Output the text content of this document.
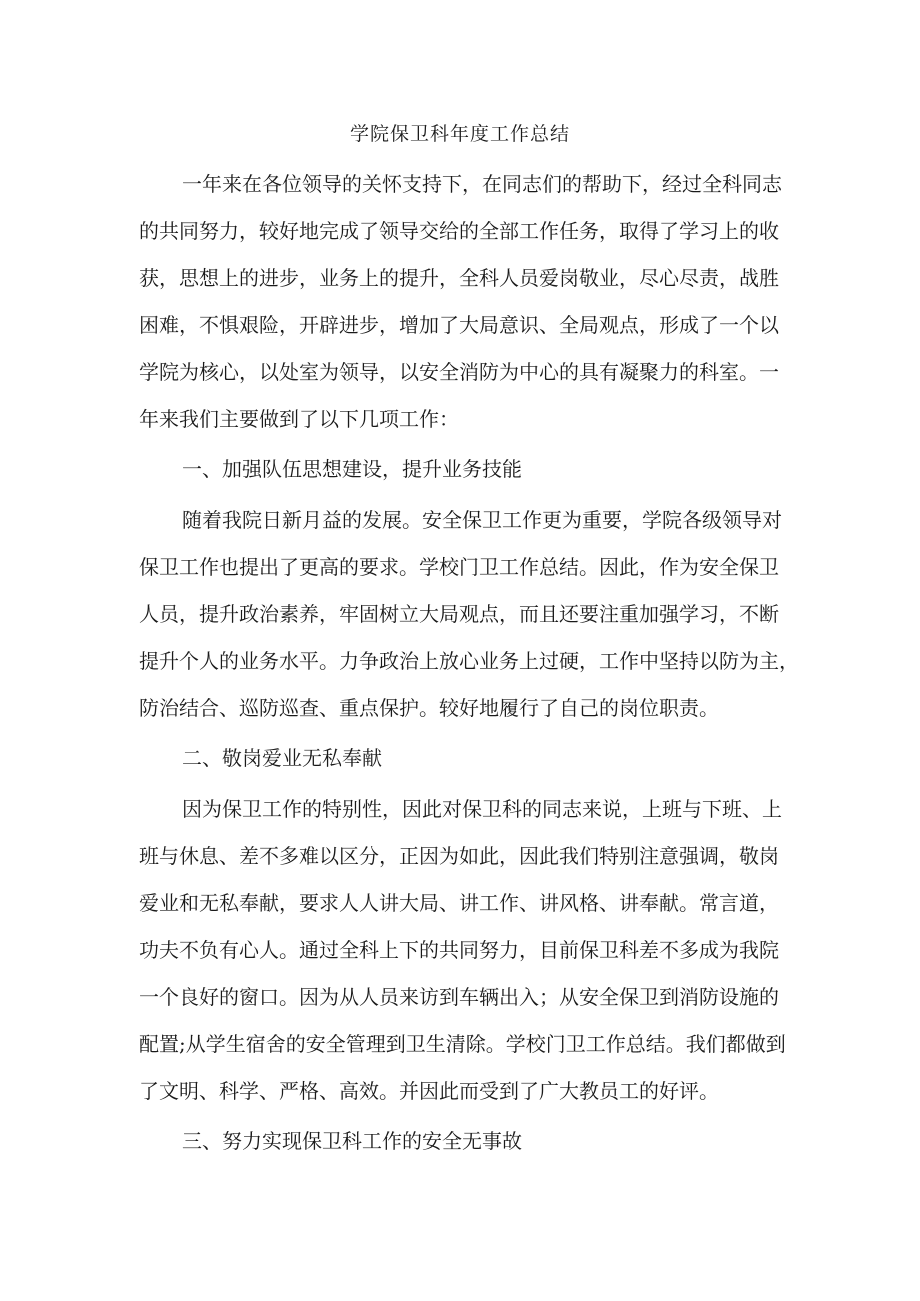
学院保卫科年度工作总结

一年来在各位领导的关怀支持下，在同志们的帮助下，经过全科同志

的共同努力，较好地完成了领导交给的全部工作任务，取得了学习上的收

获，思想上的进步，业务上的提升，全科人员爱岗敬业，尽心尽责，战胜

困难，不惧艰险，开辟进步，增加了大局意识、全局观点，形成了一个以

学院为核心，以处室为领导，以安全消防为中心的具有凝聚力的科室。一

年来我们主要做到了以下几项工作：

一、加强队伍思想建设，提升业务技能

随着我院日新月益的发展。安全保卫工作更为重要，学院各级领导对

保卫工作也提出了更高的要求。学校门卫工作总结。因此，作为安全保卫

人员，提升政治素养，牢固树立大局观点，而且还要注重加强学习，不断

提升个人的业务水平。力争政治上放心业务上过硬，工作中坚持以防为主，

防治结合、巡防巡查、重点保护。较好地履行了自己的岗位职责。

二、敬岗爱业无私奉献

因为保卫工作的特别性，因此对保卫科的同志来说，上班与下班、上

班与休息、差不多难以区分，正因为如此，因此我们特别注意强调，敬岗

爱业和无私奉献，要求人人讲大局、讲工作、讲风格、讲奉献。常言道，

功夫不负有心人。通过全科上下的共同努力，目前保卫科差不多成为我院

一个良好的窗口。因为从人员来访到车辆出入；从安全保卫到消防设施的

配置;从学生宿舍的安全管理到卫生清除。学校门卫工作总结。我们都做到

了文明、科学、严格、高效。并因此而受到了广大教员工的好评。

三、努力实现保卫科工作的安全无事故
